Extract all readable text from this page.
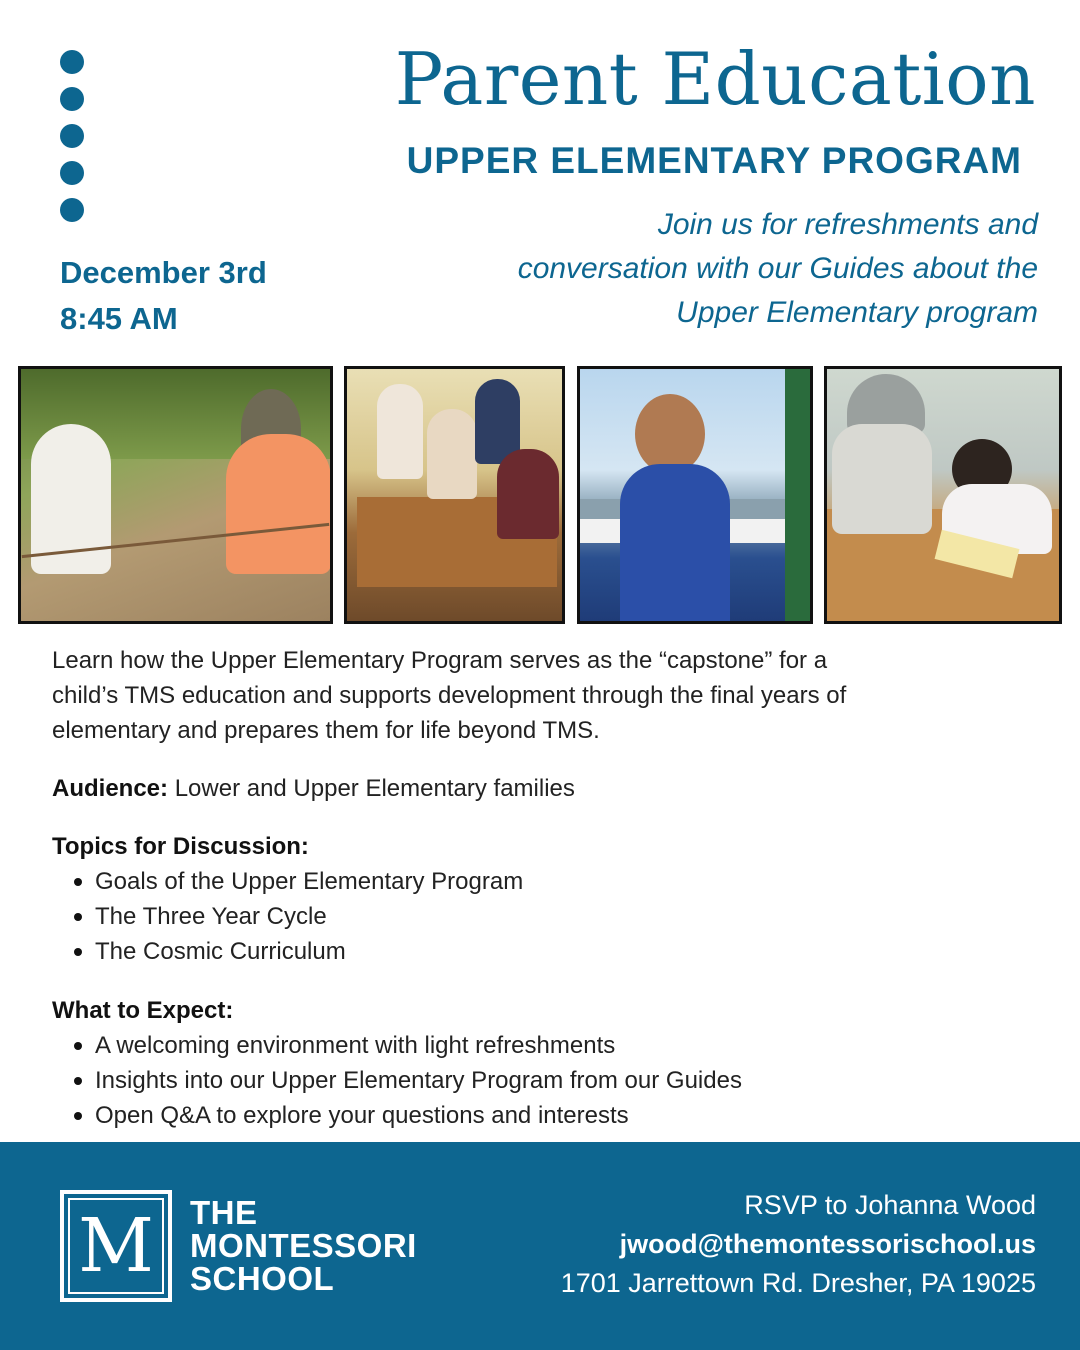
Parent Education
UPPER ELEMENTARY PROGRAM
Join us for refreshments and
conversation with our Guides about the
Upper Elementary program
December 3rd
8:45 AM

Learn how the Upper Elementary Program serves as the “capstone” for a
child’s TMS education and supports development through the final years of
elementary and prepares them for life beyond TMS.

Audience: Lower and Upper Elementary families

Topics for Discussion:

Goals of the Upper Elementary Program
The Three Year Cycle
The Cosmic Curriculum

What to Expect:

A welcoming environment with light refreshments
Insights into our Upper Elementary Program from our Guides
Open Q&A to explore your questions and interests
M	THE
MONTESSORI
SCHOOL
RSVP to Johanna Wood
jwood@themontessorischool.us
1701 Jarrettown Rd. Dresher, PA 19025
